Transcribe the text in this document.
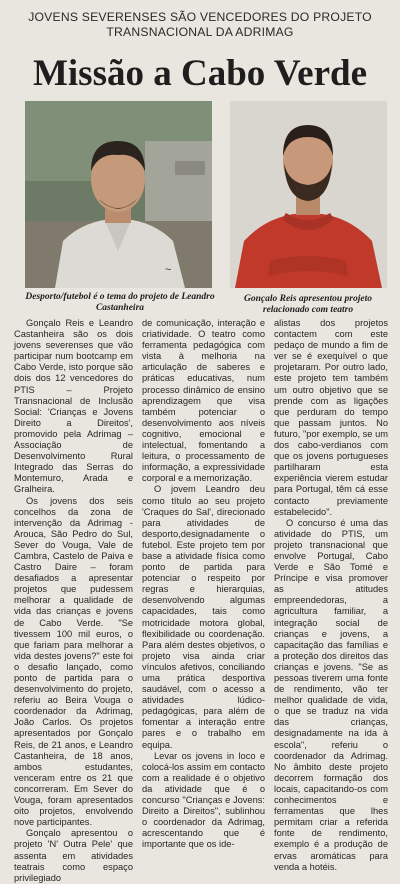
JOVENS SEVERENSES SÃO VENCEDORES DO PROJETO TRANSNACIONAL DA ADRIMAG
Missão a Cabo Verde
~
Desporto/futebol é o tema do projeto de Leandro Castanheira
Gonçalo Reis apresentou projeto relacionado com teatro

Gonçalo Reis e Leandro Castanheira são os dois jovens severenses que vão participar num bootcamp em Cabo Verde, isto porque são dois dos 12 vencedores do PTIS – Projeto Transnacional de Inclusão Social: 'Crianças e Jovens Direito a Direitos', promovido pela Adrimag – Associação de Desenvolvimento Rural Integrado das Serras do Montemuro, Arada e Gralheira.

Os jovens dos seis concelhos da zona de intervenção da Adrimag - Arouca, São Pedro do Sul, Sever do Vouga, Vale de Cambra, Castelo de Paiva e Castro Daire – foram desafiados a apresentar projetos que pudessem melhorar a qualidade de vida das crianças e jovens de Cabo Verde. "Se tivessem 100 mil euros, o que fariam para melhorar a vida destes jovens?" este foi o desafio lançado, como ponto de partida para o desenvolvimento do projeto, referiu ao Beira Vouga o coordenador da Adrimag, João Carlos. Os projetos apresentados por Gonçalo Reis, de 21 anos, e Leandro Castanheira, de 18 anos, ambos estudantes, venceram entre os 21 que concorreram. Em Sever do Vouga, foram apresentados oito projetos, envolvendo nove participantes.

Gonçalo apresentou o projeto 'N' Outra Pele' que assenta em atividades teatrais como espaço privilegiado

de comunicação, interação e criatividade. O teatro como ferramenta pedagógica com vista à melhoria na articulação de saberes e práticas educativas, num processo dinâmico de ensino aprendizagem que visa também potenciar o desenvolvimento aos níveis cognitivo, emocional e intelectual, fomentando a leitura, o processamento de informação, a expressividade corporal e a memorização.

O jovem Leandro deu como título ao seu projeto 'Craques do Sal', direcionado para atividades de desporto,designadamente o futebol. Este projeto tem por base a atividade física como ponto de partida para potenciar o respeito por regras e hierarquias, desenvolvendo algumas capacidades, tais como motricidade motora global, flexibilidade ou coordenação. Para além destes objetivos, o projeto visa ainda criar vínculos afetivos, conciliando uma prática desportiva saudável, com o acesso a atividades lúdico-pedagógicas, para além de fomentar a interação entre pares e o trabalho em equipa.

Levar os jovens in loco e colocá-los assim em contacto com a realidade é o objetivo da atividade que é o concurso "Crianças e Jovens: Direito a Direitos", sublinhou o coordenador da Adrimag, acrescentando que é importante que os ide-

alistas dos projetos contactem com este pedaço de mundo a fim de ver se é exequível o que projetaram. Por outro lado, este projeto tem também um outro objetivo que se prende com as ligações que perduram do tempo que passam juntos. No futuro, "por exemplo, se um dos cabo-verdianos com que os jovens portugueses partilharam esta experiência vierem estudar para Portugal, têm cá esse contacto previamente estabelecido".

O concurso é uma das atividade do PTIS, um projeto transnacional que envolve Portugal, Cabo Verde e São Tomé e Príncipe e visa promover as atitudes empreendedoras, a agricultura familiar, a integração social de crianças e jovens, a capacitação das famílias e a proteção dos direitos das crianças e jovens. "Se as pessoas tiverem uma fonte de rendimento, vão ter melhor qualidade de vida, o que se traduz na vida das crianças, designadamente na ida à escola", referiu o coordenador da Adrimag. No âmbito deste projeto decorrem formação dos locais, capacitando-os com conhecimentos e ferramentas que lhes permitam criar a referida fonte de rendimento, exemplo é a produção de ervas aromáticas para venda a hotéis.
